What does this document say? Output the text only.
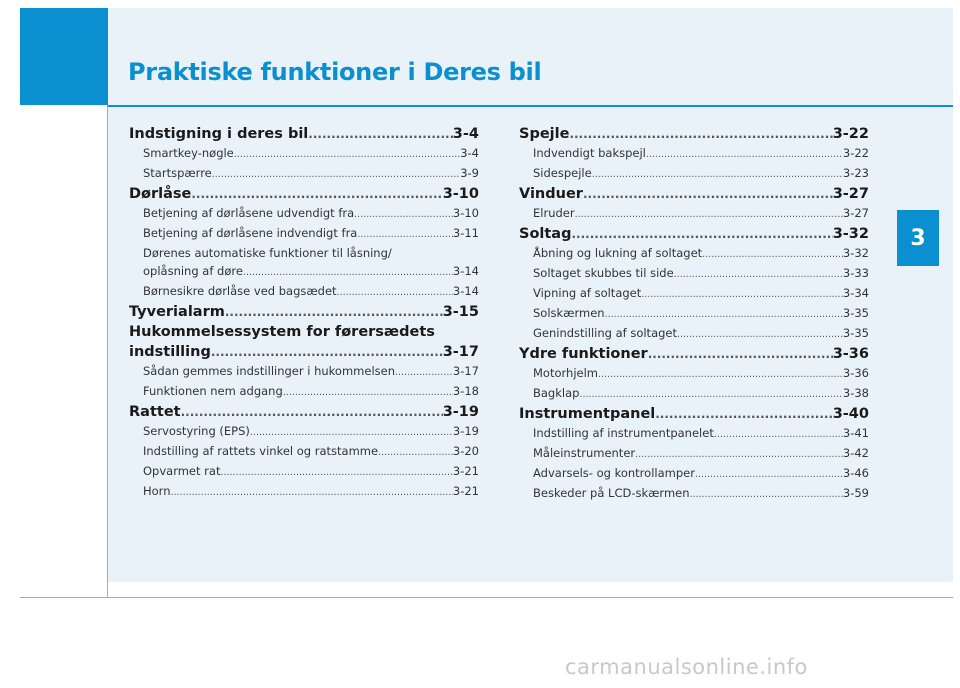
Praktiske funktioner i Deres bil
3
Indstigning i deres bil .....	3-4
Smartkey-nøgle .....	3-4
Startspærre .....	3-9
Dørlåse .....	3-10
Betjening af dørlåsene udvendigt fra .....	3-10
Betjening af dørlåsene indvendigt fra .....	3-11
Dørenes automatiske funktioner til låsning/
oplåsning af døre .....	3-14
Børnesikre dørlåse ved bagsædet .....	3-14
Tyverialarm .....	3-15
Hukommelsessystem for førersædets
indstilling .....	3-17
Sådan gemmes indstillinger i hukommelsen .....	3-17
Funktionen nem adgang .....	3-18
Rattet .....	3-19
Servostyring (EPS) .....	3-19
Indstilling af rattets vinkel og ratstamme .....	3-20
Opvarmet rat .....	3-21
Horn .....	3-21
Spejle .....	3-22
Indvendigt bakspejl .....	3-22
Sidespejle .....	3-23
Vinduer .....	3-27
Elruder .....	3-27
Soltag .....	3-32
Åbning og lukning af soltaget .....	3-32
Soltaget skubbes til side .....	3-33
Vipning af soltaget .....	3-34
Solskærmen .....	3-35
Genindstilling af soltaget .....	3-35
Ydre funktioner .....	3-36
Motorhjelm .....	3-36
Bagklap .....	3-38
Instrumentpanel .....	3-40
Indstilling af instrumentpanelet .....	3-41
Måleinstrumenter .....	3-42
Advarsels- og kontrollamper .....	3-46
Beskeder på LCD-skærmen .....	3-59
carmanualsonline.info
